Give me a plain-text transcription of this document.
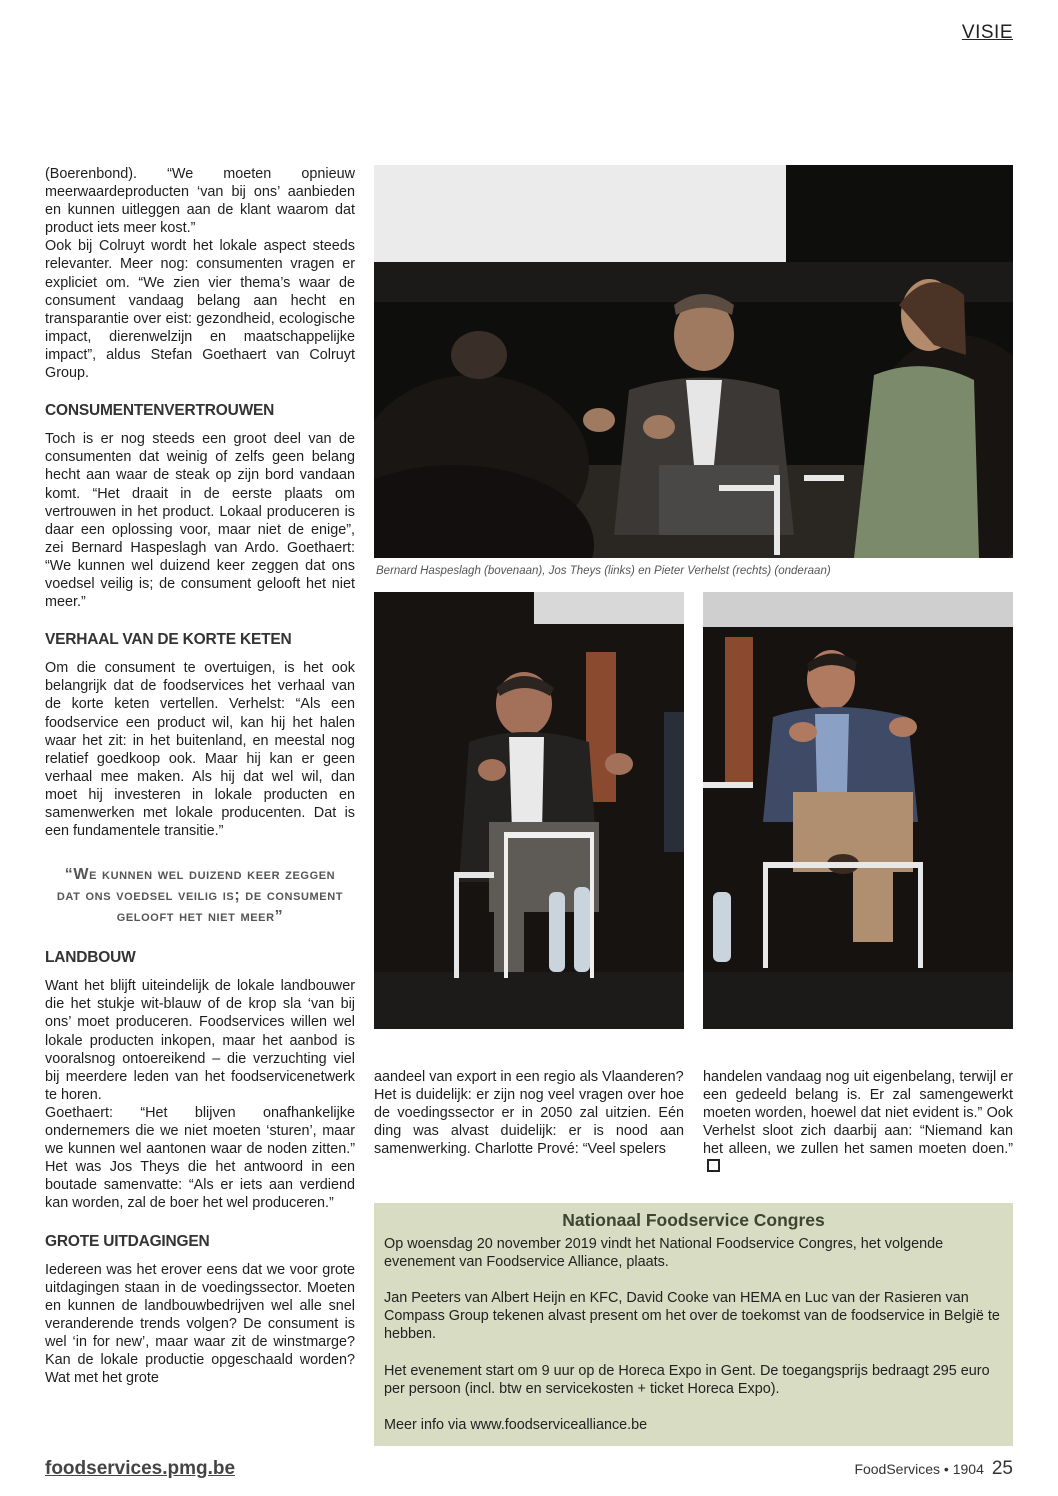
VISIE

(Boerenbond). “We moeten opnieuw meerwaardeproducten ‘van bij ons’ aanbieden en kunnen uitleggen aan de klant waarom dat product iets meer kost.”

Ook bij Colruyt wordt het lokale aspect steeds relevanter. Meer nog: consumenten vragen er expliciet om. “We zien vier thema’s waar de consument vandaag belang aan hecht en transparantie over eist: gezondheid, ecologische impact, dierenwelzijn en maatschappelijke impact”, aldus Stefan Goethaert van Colruyt Group.

CONSUMENTENVERTROUWEN

Toch is er nog steeds een groot deel van de consumenten dat weinig of zelfs geen belang hecht aan waar de steak op zijn bord vandaan komt. “Het draait in de eerste plaats om vertrouwen in het product. Lokaal produceren is daar een oplossing voor, maar niet de enige”, zei Bernard Haspeslagh van Ardo. Goethaert: “We kunnen wel duizend keer zeggen dat ons voedsel veilig is; de consument gelooft het niet meer.”

VERHAAL VAN DE KORTE KETEN

Om die consument te overtuigen, is het ook belangrijk dat de foodservices het verhaal van de korte keten vertellen. Verhelst: “Als een foodservice een product wil, kan hij het halen waar het zit: in het buitenland, en meestal nog relatief goedkoop ook. Maar hij kan er geen verhaal mee maken. Als hij dat wel wil, dan moet hij investeren in lokale producten en samenwerken met lokale producenten. Dat is een fundamentele transitie.”

“We kunnen wel duizend keer zeggen dat ons voedsel veilig is; de consument gelooft het niet meer”
LANDBOUW

Want het blijft uiteindelijk de lokale landbouwer die het stukje wit-blauw of de krop sla ‘van bij ons’ moet produceren. Foodservices willen wel lokale producten inkopen, maar het aanbod is vooralsnog ontoereikend – die verzuchting viel bij meerdere leden van het foodservicenetwerk te horen.

Goethaert: “Het blijven onafhankelijke ondernemers die we niet moeten ‘sturen’, maar we kunnen wel aantonen waar de noden zitten.” Het was Jos Theys die het antwoord in een boutade samenvatte: “Als er iets aan verdiend kan worden, zal de boer het wel produceren.”

GROTE UITDAGINGEN

Iedereen was het erover eens dat we voor grote uitdagingen staan in de voedingssector. Moeten en kunnen de landbouwbedrijven wel alle snel veranderende trends volgen? De consument is wel ‘in for new’, maar waar zit de winstmarge? Kan de lokale productie opgeschaald worden? Wat met het grote

Bernard Haspeslagh (bovenaan), Jos Theys (links) en Pieter Verhelst (rechts) (onderaan)

aandeel van export in een regio als Vlaanderen?

Het is duidelijk: er zijn nog veel vragen over hoe de voedingssector er in 2050 zal uitzien. Eén ding was alvast duidelijk: er is nood aan samenwerking. Charlotte Prové: “Veel spelers

handelen vandaag nog uit eigenbelang, terwijl er een gedeeld belang is. Er zal samengewerkt moeten worden, hoewel dat niet evident is.” Ook Verhelst sloot zich daarbij aan: “Niemand kan het alleen, we zullen het samen moeten doen.”

Nationaal Foodservice Congres

Op woensdag 20 november 2019 vindt het National Foodservice Congres, het volgende evenement van Foodservice Alliance, plaats.

Jan Peeters van Albert Heijn en KFC, David Cooke van HEMA en Luc van der Rasieren van Compass Group tekenen alvast present om het over de toekomst van de foodservice in België te hebben.

Het evenement start om 9 uur op de Horeca Expo in Gent. De toegangsprijs bedraagt 295 euro per persoon (incl. btw en servicekosten + ticket Horeca Expo).

Meer info via www.foodservicealliance.be

foodservices.pmg.be	FoodServices • 1904 25
